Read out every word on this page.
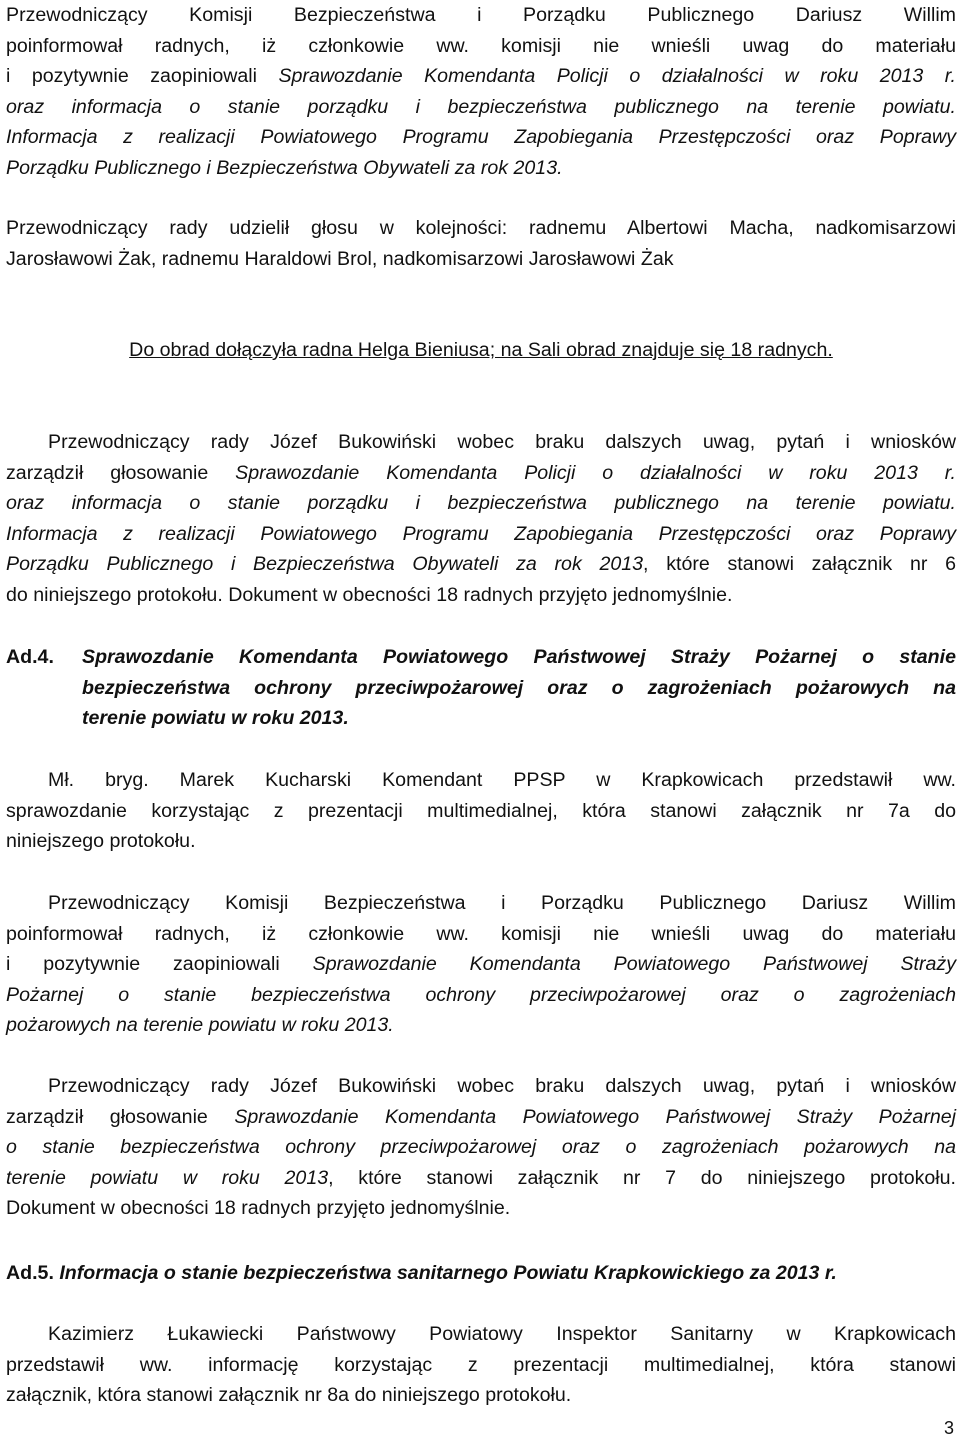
Przewodniczący Komisji Bezpieczeństwa i Porządku Publicznego Dariusz Willim
poinformował radnych, iż członkowie ww. komisji nie wnieśli uwag do materiału
i pozytywnie zaopiniowali Sprawozdanie Komendanta Policji o działalności w roku 2013 r.
oraz informacja o stanie porządku i bezpieczeństwa publicznego na terenie powiatu.
Informacja z realizacji Powiatowego Programu Zapobiegania Przestępczości oraz Poprawy
Porządku Publicznego i Bezpieczeństwa Obywateli za rok 2013.
Przewodniczący rady udzielił głosu w kolejności: radnemu Albertowi Macha, nadkomisarzowi
Jarosławowi Żak, radnemu Haraldowi Brol, nadkomisarzowi Jarosławowi Żak
Do obrad dołączyła radna Helga Bieniusa; na Sali obrad znajduje się 18 radnych.
Przewodniczący rady Józef Bukowiński wobec braku dalszych uwag, pytań i wniosków
zarządził głosowanie Sprawozdanie Komendanta Policji o działalności w roku 2013 r.
oraz informacja o stanie porządku i bezpieczeństwa publicznego na terenie powiatu.
Informacja z realizacji Powiatowego Programu Zapobiegania Przestępczości oraz Poprawy
Porządku Publicznego i Bezpieczeństwa Obywateli za rok 2013, które stanowi załącznik nr 6
do niniejszego protokołu. Dokument w obecności 18 radnych przyjęto jednomyślnie.
Ad.4. Sprawozdanie Komendanta Powiatowego Państwowej Straży Pożarnej o stanie
bezpieczeństwa ochrony przeciwpożarowej oraz o zagrożeniach pożarowych na
terenie powiatu w roku 2013.
Mł. bryg. Marek Kucharski Komendant PPSP w Krapkowicach przedstawił ww.
sprawozdanie korzystając z prezentacji multimedialnej, która stanowi załącznik nr 7a do
niniejszego protokołu.
Przewodniczący Komisji Bezpieczeństwa i Porządku Publicznego Dariusz Willim
poinformował radnych, iż członkowie ww. komisji nie wnieśli uwag do materiału
i pozytywnie zaopiniowali Sprawozdanie Komendanta Powiatowego Państwowej Straży
Pożarnej o stanie bezpieczeństwa ochrony przeciwpożarowej oraz o zagrożeniach
pożarowych na terenie powiatu w roku 2013.
Przewodniczący rady Józef Bukowiński wobec braku dalszych uwag, pytań i wniosków
zarządził głosowanie Sprawozdanie Komendanta Powiatowego Państwowej Straży Pożarnej
o stanie bezpieczeństwa ochrony przeciwpożarowej oraz o zagrożeniach pożarowych na
terenie powiatu w roku 2013, które stanowi załącznik nr 7 do niniejszego protokołu.
Dokument w obecności 18 radnych przyjęto jednomyślnie.
Ad.5. Informacja o stanie bezpieczeństwa sanitarnego Powiatu Krapkowickiego za 2013 r.
Kazimierz Łukawiecki Państwowy Powiatowy Inspektor Sanitarny w Krapkowicach
przedstawił ww. informację korzystając z prezentacji multimedialnej, która stanowi
załącznik, która stanowi załącznik nr 8a do niniejszego protokołu.
3
